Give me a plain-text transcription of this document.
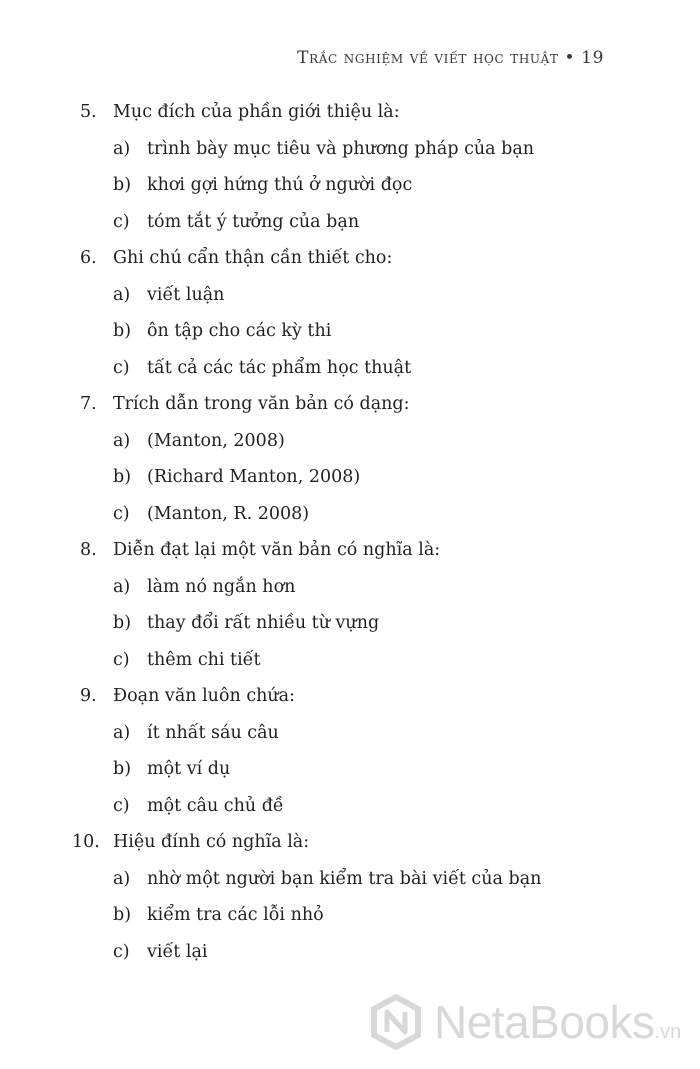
Trắc nghiệm về viết học thuật • 19
5. Mục đích của phần giới thiệu là:
a) trình bày mục tiêu và phương pháp của bạn
b) khơi gợi hứng thú ở người đọc
c) tóm tắt ý tưởng của bạn
6. Ghi chú cẩn thận cần thiết cho:
a) viết luận
b) ôn tập cho các kỳ thi
c) tất cả các tác phẩm học thuật
7. Trích dẫn trong văn bản có dạng:
a) (Manton, 2008)
b) (Richard Manton, 2008)
c) (Manton, R. 2008)
8. Diễn đạt lại một văn bản có nghĩa là:
a) làm nó ngắn hơn
b) thay đổi rất nhiều từ vựng
c) thêm chi tiết
9. Đoạn văn luôn chứa:
a) ít nhất sáu câu
b) một ví dụ
c) một câu chủ đề
10. Hiệu đính có nghĩa là:
a) nhờ một người bạn kiểm tra bài viết của bạn
b) kiểm tra các lỗi nhỏ
c) viết lại
NetaBooks.vn
